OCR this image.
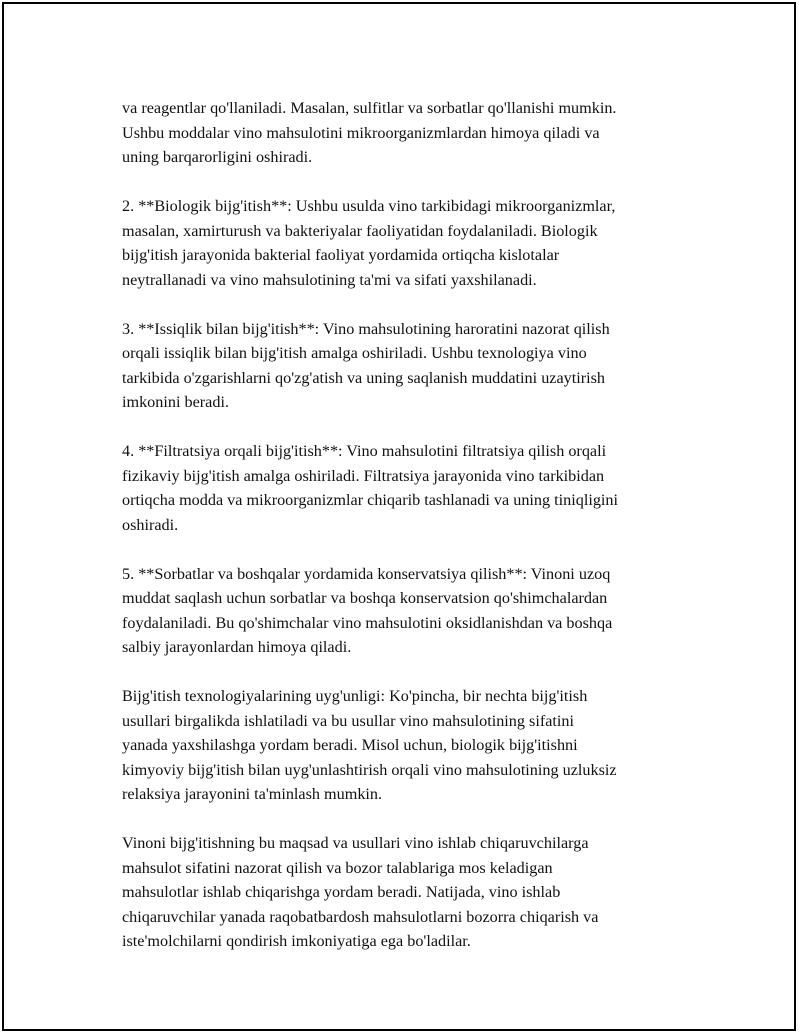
va reagentlar qo'llaniladi. Masalan, sulfitlar va sorbatlar qo'llanishi mumkin.
Ushbu moddalar vino mahsulotini mikroorganizmlardan himoya qiladi va
uning barqarorligini oshiradi.

2. **Biologik bijg'itish**: Ushbu usulda vino tarkibidagi mikroorganizmlar,
masalan, xamirturush va bakteriyalar faoliyatidan foydalaniladi. Biologik
bijg'itish jarayonida bakterial faoliyat yordamida ortiqcha kislotalar
neytrallanadi va vino mahsulotining ta'mi va sifati yaxshilanadi.

3. **Issiqlik bilan bijg'itish**: Vino mahsulotining haroratini nazorat qilish
orqali issiqlik bilan bijg'itish amalga oshiriladi. Ushbu texnologiya vino
tarkibida o'zgarishlarni qo'zg'atish va uning saqlanish muddatini uzaytirish
imkonini beradi.

4. **Filtratsiya orqali bijg'itish**: Vino mahsulotini filtratsiya qilish orqali
fizikaviy bijg'itish amalga oshiriladi. Filtratsiya jarayonida vino tarkibidan
ortiqcha modda va mikroorganizmlar chiqarib tashlanadi va uning tiniqligini
oshiradi.

5. **Sorbatlar va boshqalar yordamida konservatsiya qilish**: Vinoni uzoq
muddat saqlash uchun sorbatlar va boshqa konservatsion qo'shimchalardan
foydalaniladi. Bu qo'shimchalar vino mahsulotini oksidlanishdan va boshqa
salbiy jarayonlardan himoya qiladi.

Bijg'itish texnologiyalarining uyg'unligi: Ko'pincha, bir nechta bijg'itish
usullari birgalikda ishlatiladi va bu usullar vino mahsulotining sifatini
yanada yaxshilashga yordam beradi. Misol uchun, biologik bijg'itishni
kimyoviy bijg'itish bilan uyg'unlashtirish orqali vino mahsulotining uzluksiz
relaksiya jarayonini ta'minlash mumkin.

Vinoni bijg'itishning bu maqsad va usullari vino ishlab chiqaruvchilarga
mahsulot sifatini nazorat qilish va bozor talablariga mos keladigan
mahsulotlar ishlab chiqarishga yordam beradi. Natijada, vino ishlab
chiqaruvchilar yanada raqobatbardosh mahsulotlarni bozorra chiqarish va
iste'molchilarni qondirish imkoniyatiga ega bo'ladilar.
